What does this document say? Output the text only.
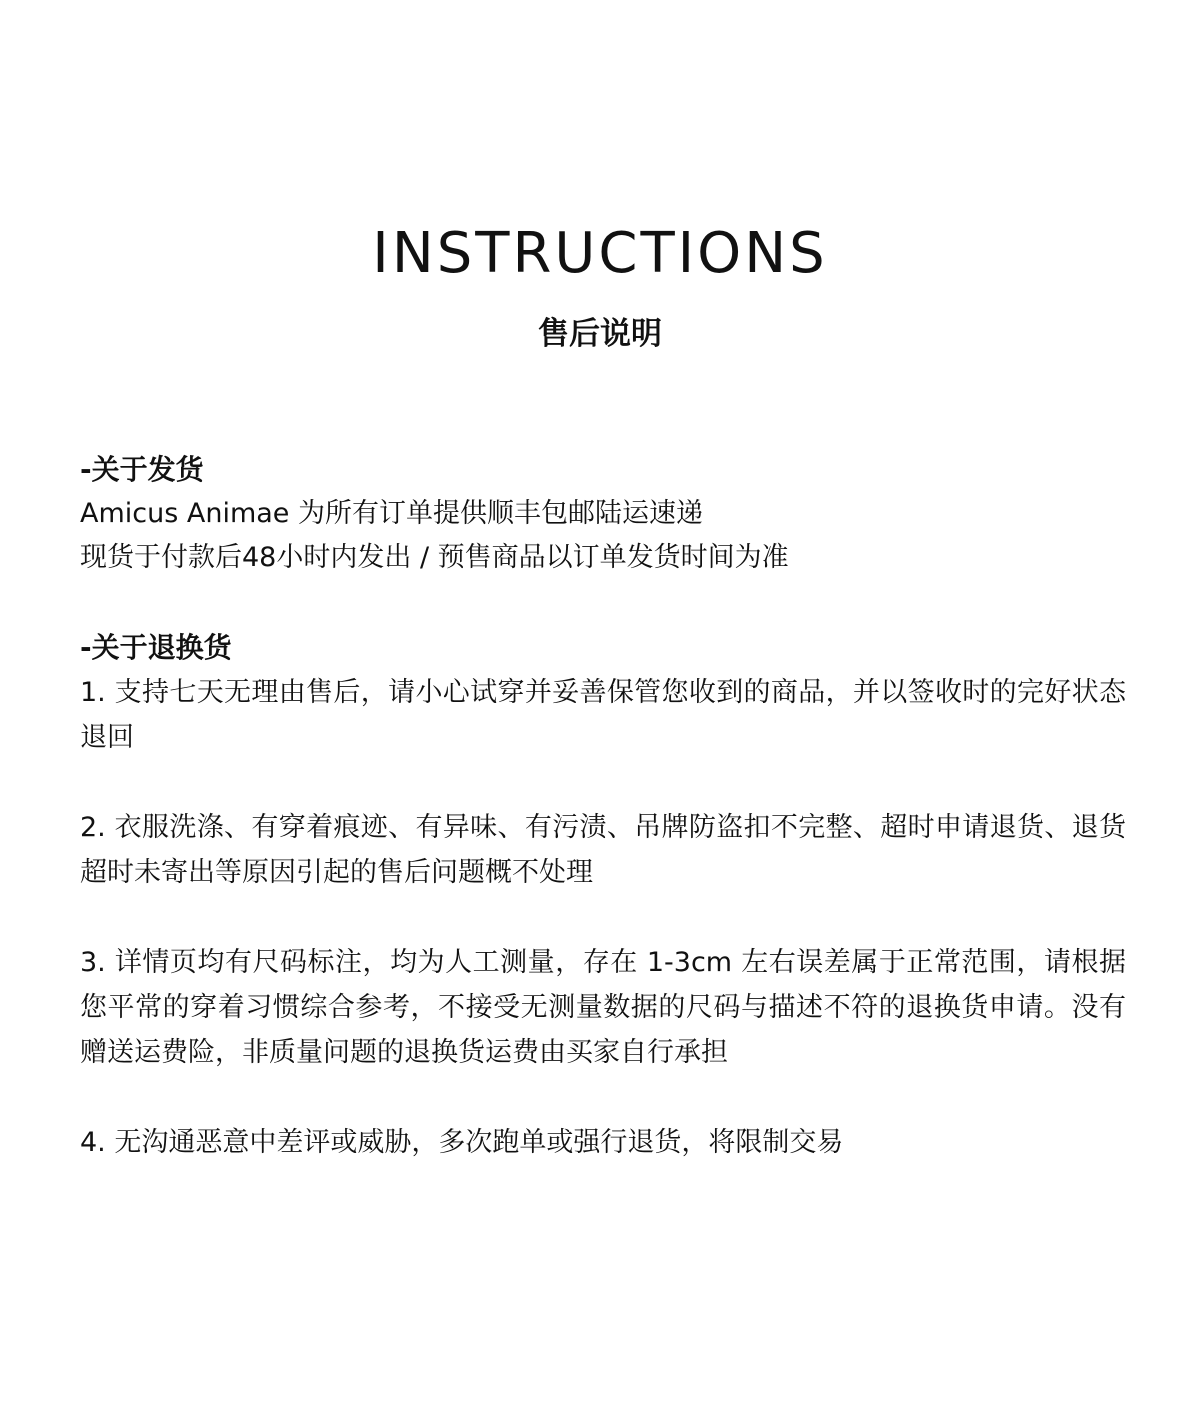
INSTRUCTIONS
售后说明

-关于发货

Amicus Animae 为所有订单提供顺丰包邮陆运速递

现货于付款后48小时内发出 / 预售商品以订单发货时间为准

-关于退换货

1. 支持七天无理由售后，请小心试穿并妥善保管您收到的商品，并以签收时的完好状态退回

2. 衣服洗涤、有穿着痕迹、有异味、有污渍、吊牌防盗扣不完整、超时申请退货、退货超时未寄出等原因引起的售后问题概不处理

3. 详情页均有尺码标注，均为人工测量，存在 1-3cm 左右误差属于正常范围，请根据您平常的穿着习惯综合参考，不接受无测量数据的尺码与描述不符的退换货申请。没有赠送运费险，非质量问题的退换货运费由买家自行承担

4. 无沟通恶意中差评或威胁，多次跑单或强行退货，将限制交易
